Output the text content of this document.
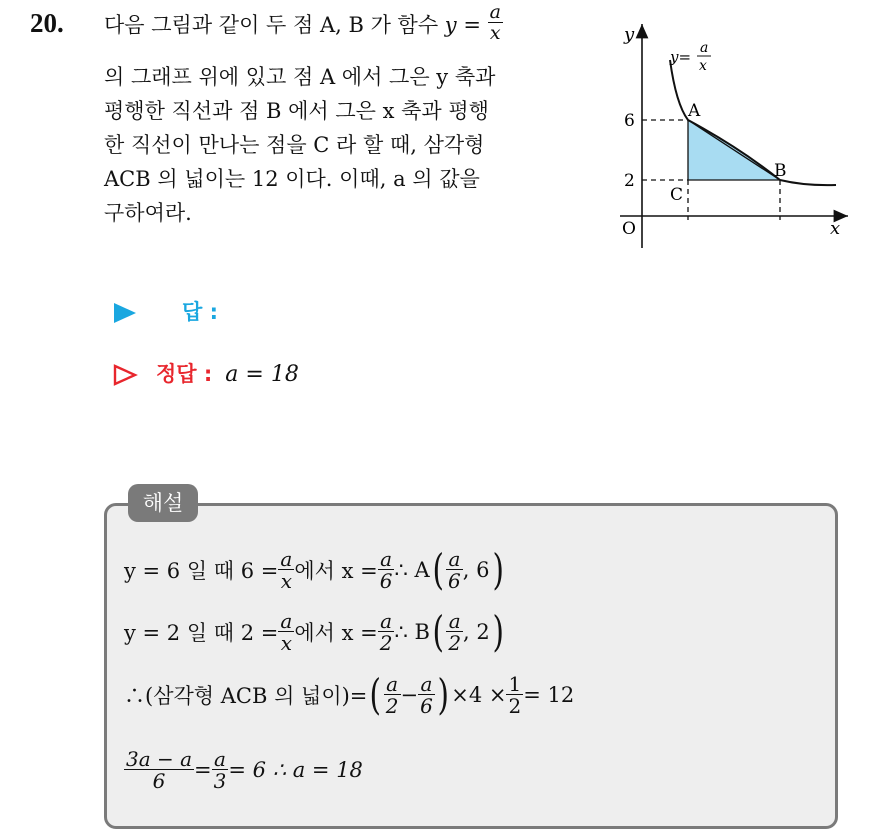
20. 다음 그림과 같이 두 점 A, B 가 함수 $y = \frac{a}{x}$
의 그래프 위에 있고 점 A 에서 그은 y 축과
평행한 직선과 점 B 에서 그은 x 축과 평행
한 직선이 만나는 점을 C 라 할 때, 삼각형
ACB 의 넓이는 12 이다. 이때, a 의 값을
구하여라.
y
x
O
6
2
A
B
C
y= a
x
답 :
정답 : a = 18
해설
y = 6 일 때 $6 = \frac{a}{x}$ 에서 $x = \frac{a}{6}$ ∴ A ( $\frac{a}{6}$ , 6 )
y = 2 일 때 $2 = \frac{a}{x}$ 에서 $x = \frac{a}{2}$ ∴ B ( $\frac{a}{2}$ , 2 )
∴(삼각형 ACB 의 넓이)= ( $\frac{a}{2} - \frac{a}{6}$ ) $\times 4 \times \frac{1}{2} = 12$
$\frac{3a - a}{6} = \frac{a}{3} = 6$ ∴ a = 18
